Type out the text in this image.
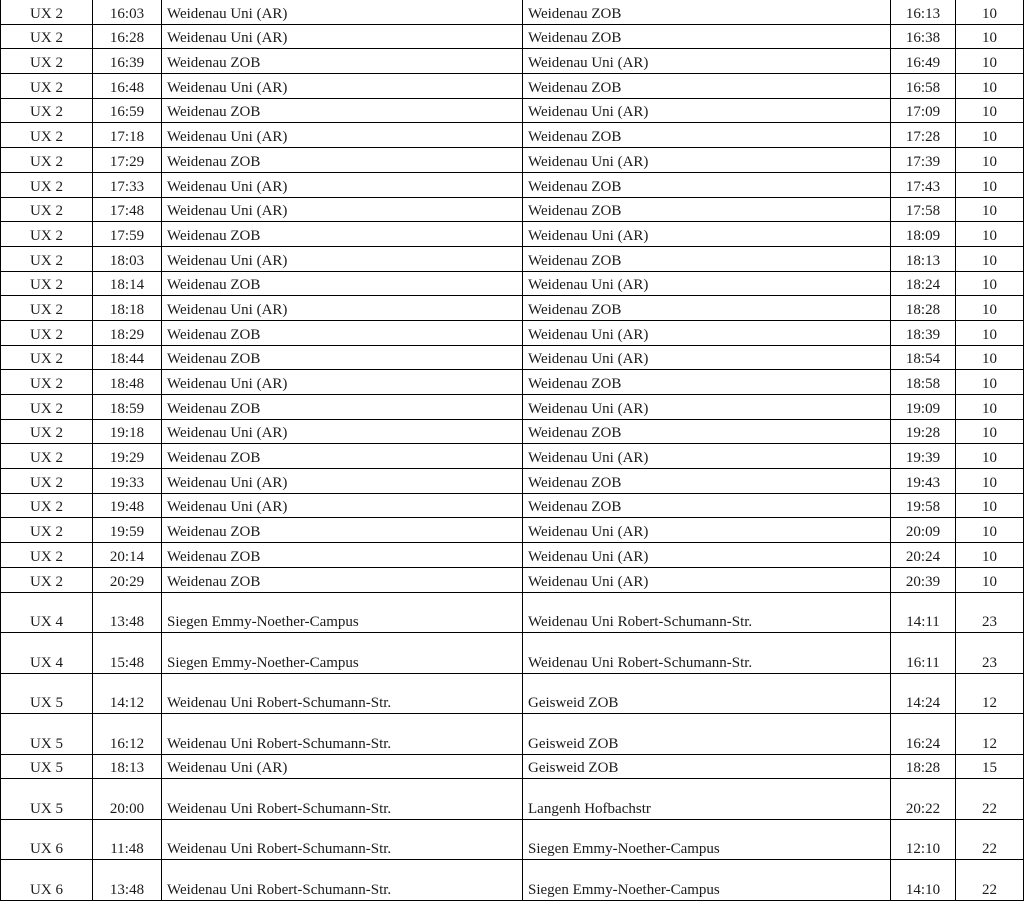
UX 2	16:03	Weidenau Uni (AR)	Weidenau ZOB	16:13	10
UX 2	16:28	Weidenau Uni (AR)	Weidenau ZOB	16:38	10
UX 2	16:39	Weidenau ZOB	Weidenau Uni (AR)	16:49	10
UX 2	16:48	Weidenau Uni (AR)	Weidenau ZOB	16:58	10
UX 2	16:59	Weidenau ZOB	Weidenau Uni (AR)	17:09	10
UX 2	17:18	Weidenau Uni (AR)	Weidenau ZOB	17:28	10
UX 2	17:29	Weidenau ZOB	Weidenau Uni (AR)	17:39	10
UX 2	17:33	Weidenau Uni (AR)	Weidenau ZOB	17:43	10
UX 2	17:48	Weidenau Uni (AR)	Weidenau ZOB	17:58	10
UX 2	17:59	Weidenau ZOB	Weidenau Uni (AR)	18:09	10
UX 2	18:03	Weidenau Uni (AR)	Weidenau ZOB	18:13	10
UX 2	18:14	Weidenau ZOB	Weidenau Uni (AR)	18:24	10
UX 2	18:18	Weidenau Uni (AR)	Weidenau ZOB	18:28	10
UX 2	18:29	Weidenau ZOB	Weidenau Uni (AR)	18:39	10
UX 2	18:44	Weidenau ZOB	Weidenau Uni (AR)	18:54	10
UX 2	18:48	Weidenau Uni (AR)	Weidenau ZOB	18:58	10
UX 2	18:59	Weidenau ZOB	Weidenau Uni (AR)	19:09	10
UX 2	19:18	Weidenau Uni (AR)	Weidenau ZOB	19:28	10
UX 2	19:29	Weidenau ZOB	Weidenau Uni (AR)	19:39	10
UX 2	19:33	Weidenau Uni (AR)	Weidenau ZOB	19:43	10
UX 2	19:48	Weidenau Uni (AR)	Weidenau ZOB	19:58	10
UX 2	19:59	Weidenau ZOB	Weidenau Uni (AR)	20:09	10
UX 2	20:14	Weidenau ZOB	Weidenau Uni (AR)	20:24	10
UX 2	20:29	Weidenau ZOB	Weidenau Uni (AR)	20:39	10
UX 4	13:48	Siegen Emmy-Noether-Campus	Weidenau Uni Robert-Schumann-Str.	14:11	23
UX 4	15:48	Siegen Emmy-Noether-Campus	Weidenau Uni Robert-Schumann-Str.	16:11	23
UX 5	14:12	Weidenau Uni Robert-Schumann-Str.	Geisweid ZOB	14:24	12
UX 5	16:12	Weidenau Uni Robert-Schumann-Str.	Geisweid ZOB	16:24	12
UX 5	18:13	Weidenau Uni (AR)	Geisweid ZOB	18:28	15
UX 5	20:00	Weidenau Uni Robert-Schumann-Str.	Langenh Hofbachstr	20:22	22
UX 6	11:48	Weidenau Uni Robert-Schumann-Str.	Siegen Emmy-Noether-Campus	12:10	22
UX 6	13:48	Weidenau Uni Robert-Schumann-Str.	Siegen Emmy-Noether-Campus	14:10	22
